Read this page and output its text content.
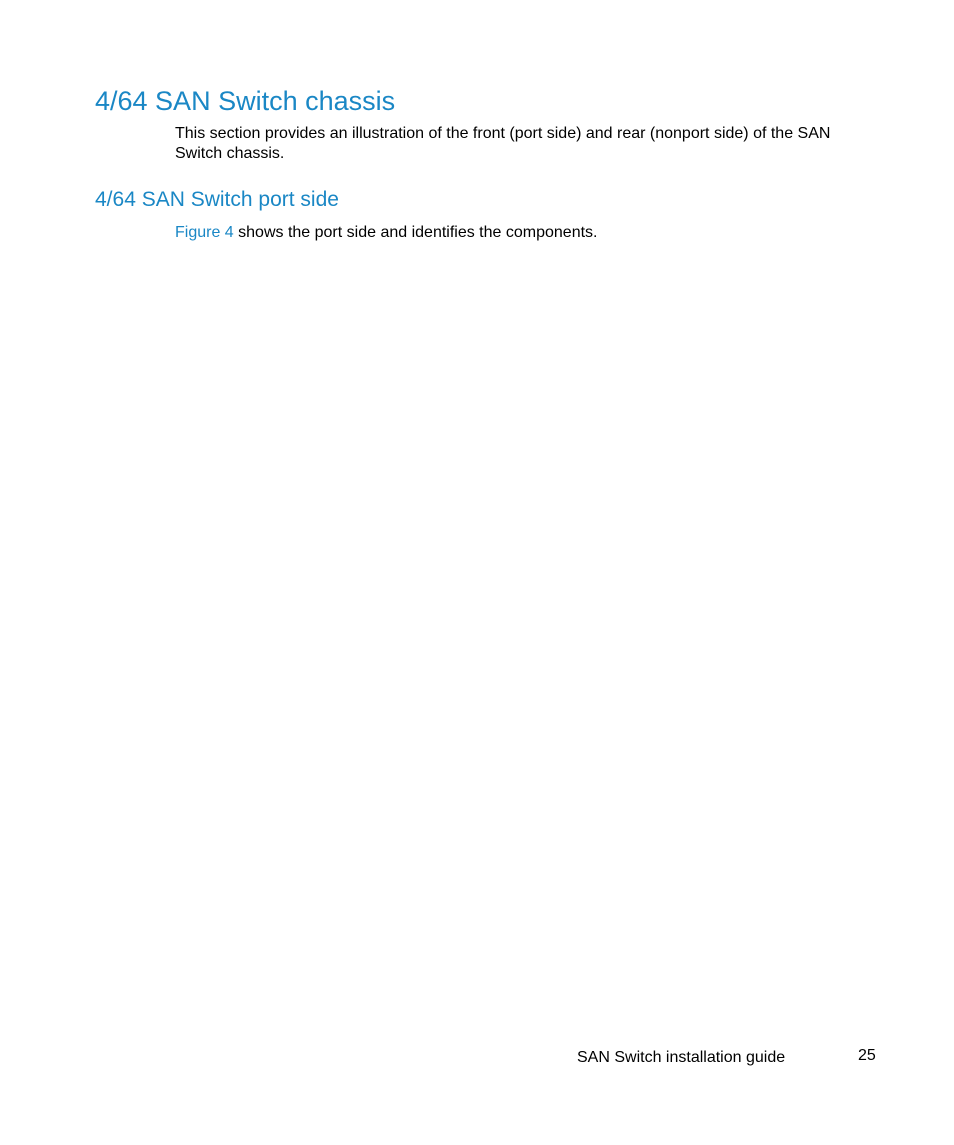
4/64 SAN Switch chassis

This section provides an illustration of the front (port side) and rear (nonport side) of the SAN Switch chassis.

4/64 SAN Switch port side

Figure 4 shows the port side and identifies the components.

SAN Switch installation guide	25
